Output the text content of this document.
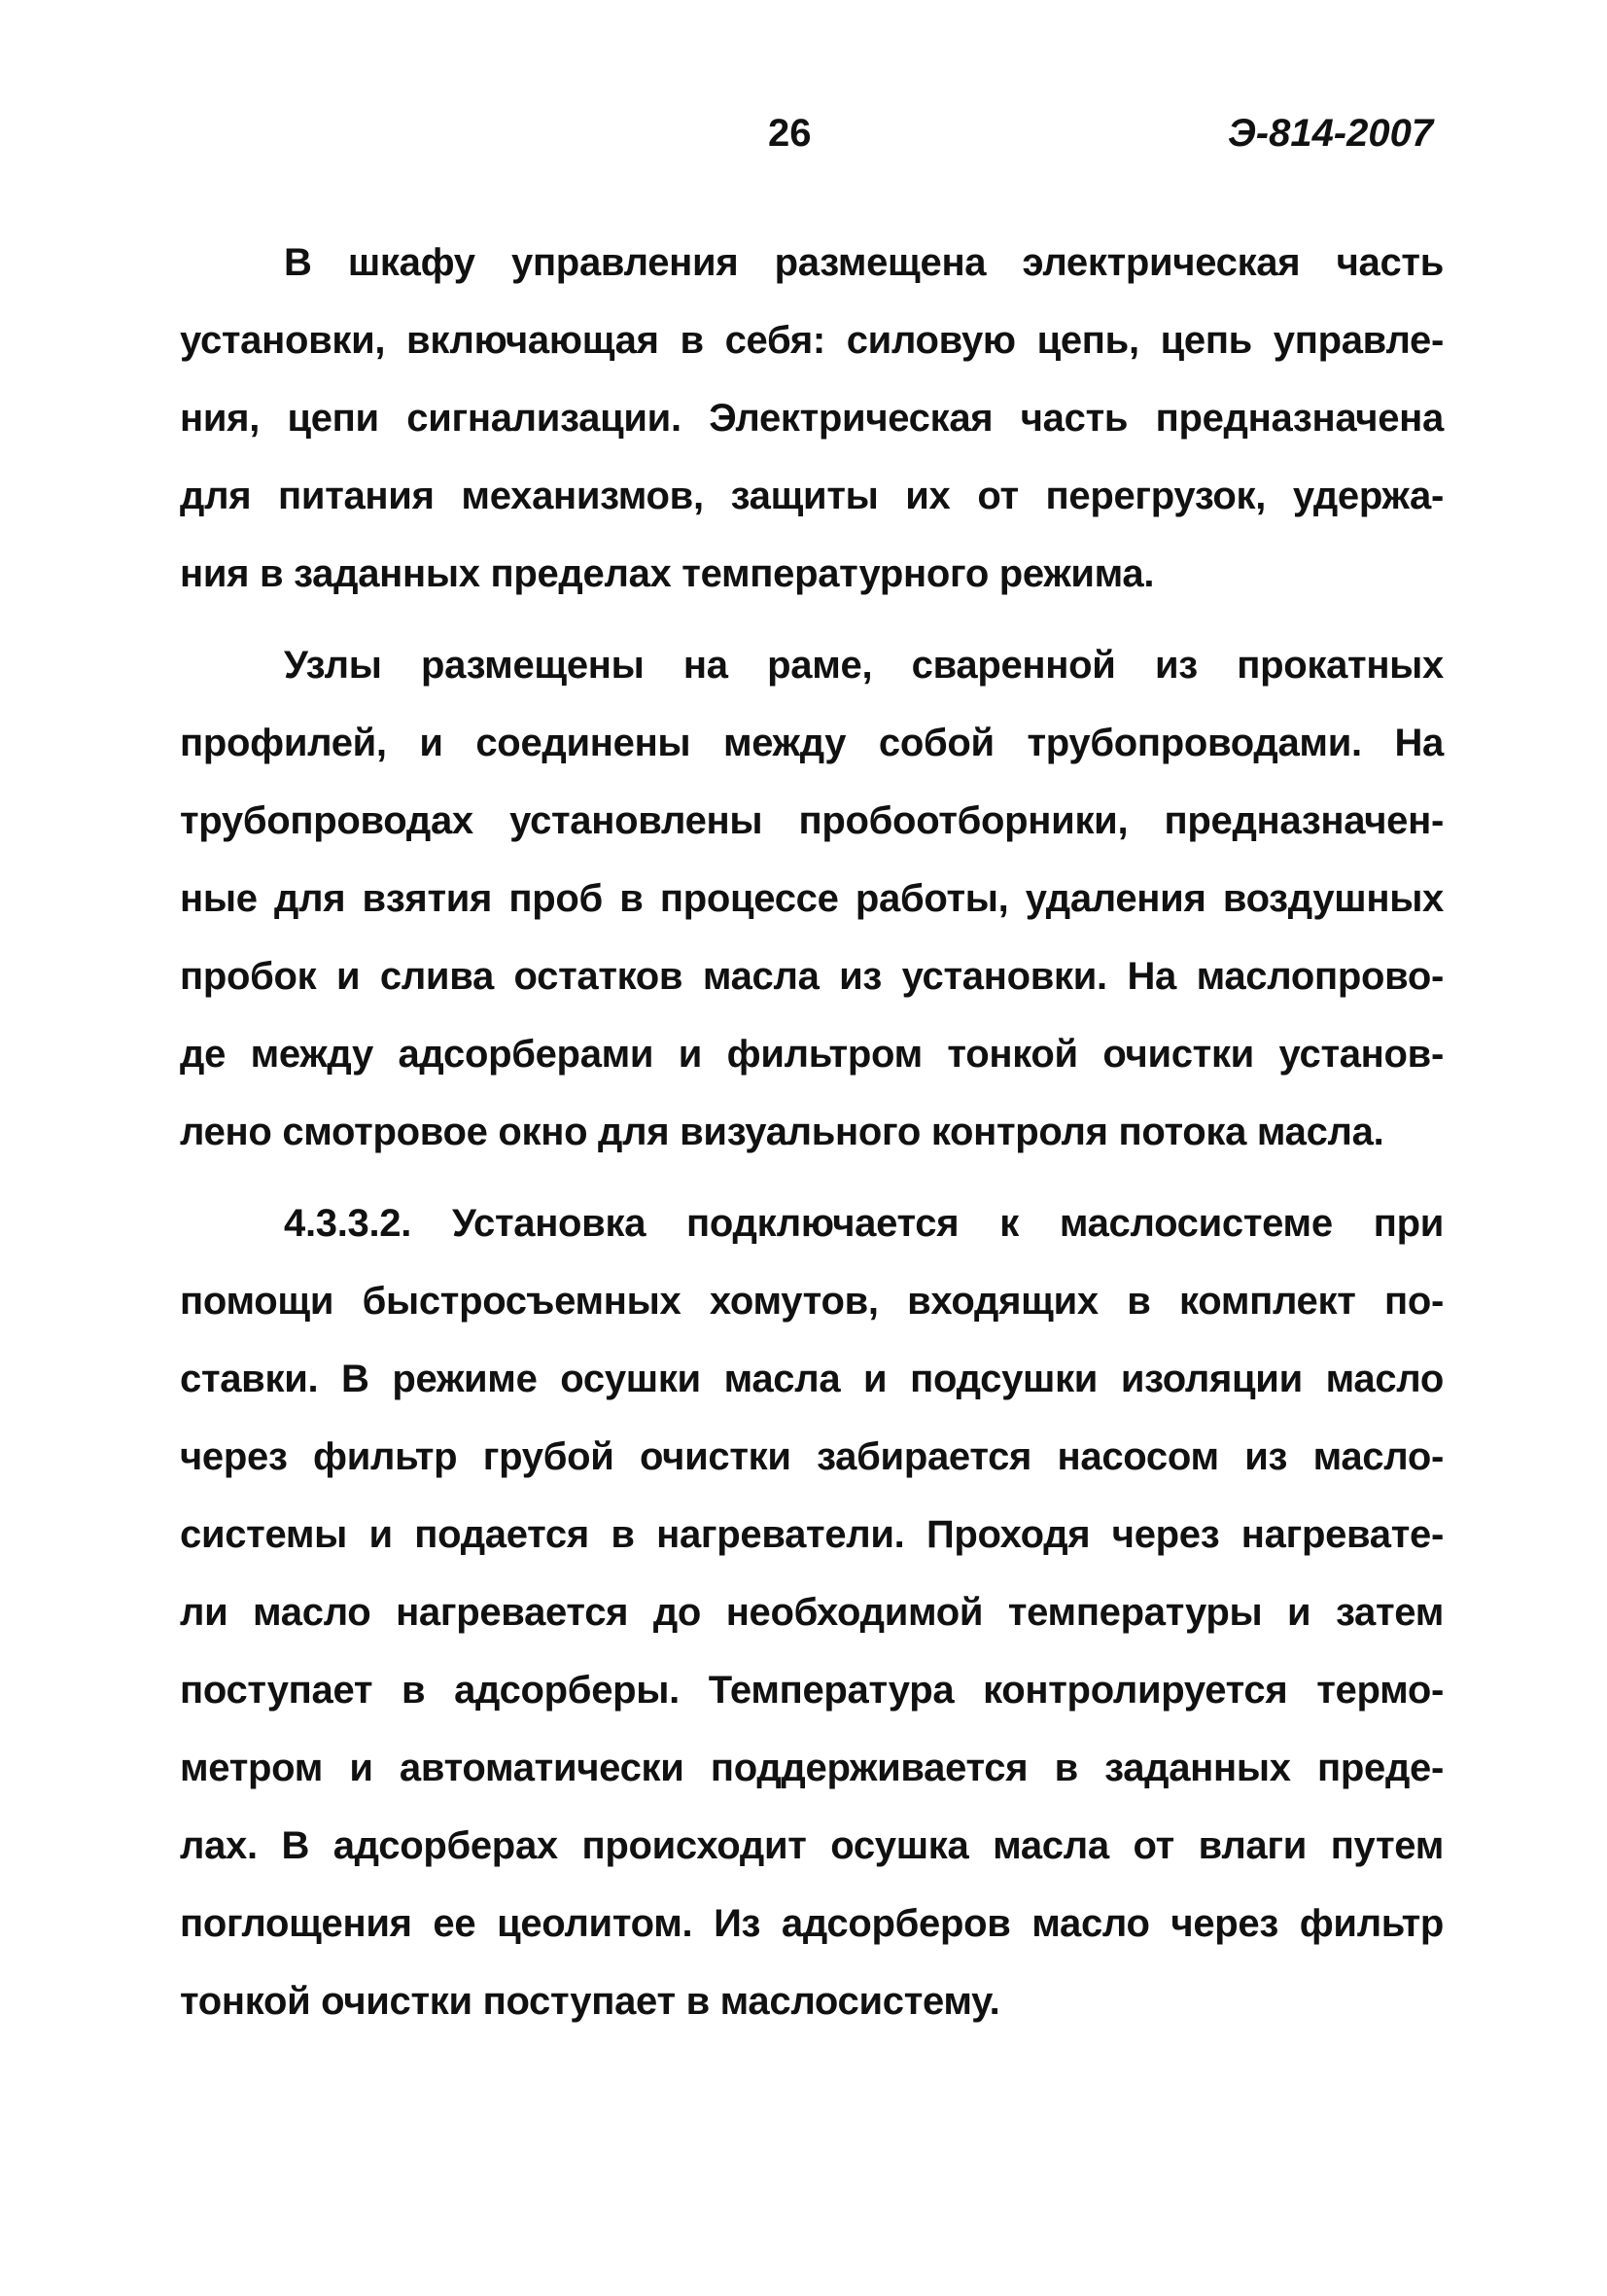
26	Э-814-2007
В шкафу управления размещена электрическая часть
установки, включающая в себя: силовую цепь, цепь управле-
ния, цепи сигнализации. Электрическая часть предназначена
для питания механизмов, защиты их от перегрузок, удержа-
ния в заданных пределах температурного режима.
Узлы размещены на раме, сваренной из прокатных
профилей, и соединены между собой трубопроводами. На
трубопроводах установлены пробоотборники, предназначен-
ные для взятия проб в процессе работы, удаления воздушных
пробок и слива остатков масла из установки. На маслопрово-
де между адсорберами и фильтром тонкой очистки установ-
лено смотровое окно для визуального контроля потока масла.
4.3.3.2. Установка подключается к маслосистеме при
помощи быстросъемных хомутов, входящих в комплект по-
ставки. В режиме осушки масла и подсушки изоляции масло
через фильтр грубой очистки забирается насосом из масло-
системы и подается в нагреватели. Проходя через нагревате-
ли масло нагревается до необходимой температуры и затем
поступает в адсорберы. Температура контролируется термо-
метром и автоматически поддерживается в заданных преде-
лах. В адсорберах происходит осушка масла от влаги путем
поглощения ее цеолитом. Из адсорберов масло через фильтр
тонкой очистки поступает в маслосистему.
